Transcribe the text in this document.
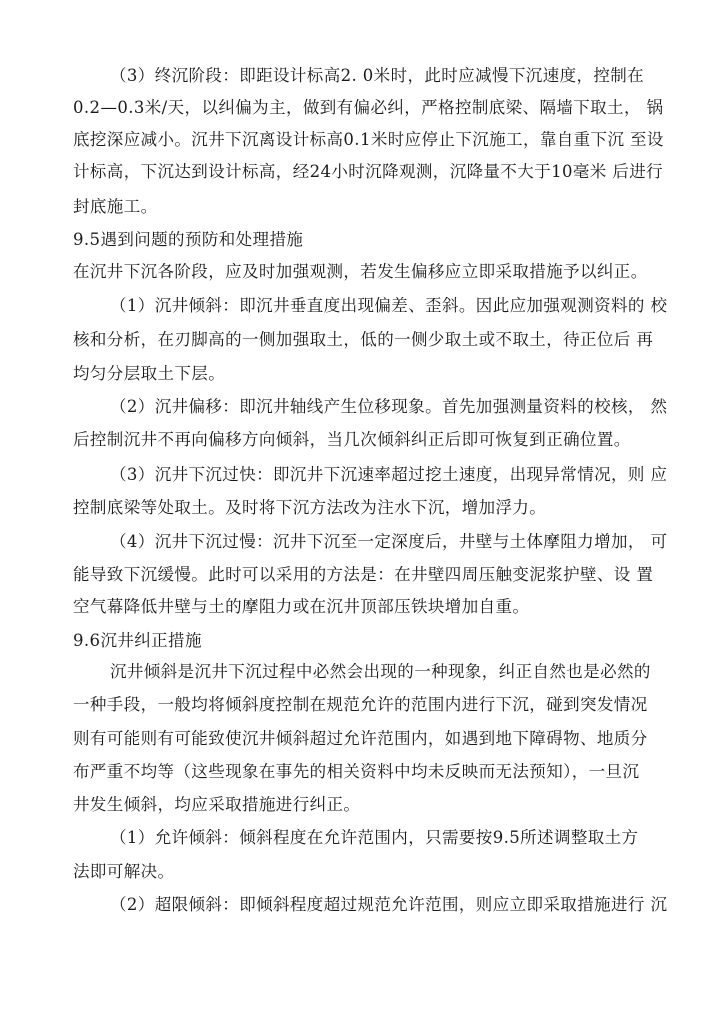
（3）终沉阶段：即距设计标高2. 0米时，此时应减慢下沉速度，控制在
0.2—0.3米/天，以纠偏为主，做到有偏必纠，严格控制底梁、隔墙下取土， 锅
底挖深应减小。沉井下沉离设计标高0.1米时应停止下沉施工，靠自重下沉 至设
计标高，下沉达到设计标高，经24小时沉降观测，沉降量不大于10毫米 后进行
封底施工。
9.5遇到问题的预防和处理措施
在沉井下沉各阶段，应及时加强观测，若发生偏移应立即采取措施予以纠正。
（1）沉井倾斜：即沉井垂直度出现偏差、歪斜。因此应加强观测资料的 校
核和分析，在刃脚高的一侧加强取土，低的一侧少取土或不取土，待正位后 再
均匀分层取土下层。
（2）沉井偏移：即沉井轴线产生位移现象。首先加强测量资料的校核， 然
后控制沉井不再向偏移方向倾斜，当几次倾斜纠正后即可恢复到正确位置。
（3）沉井下沉过快：即沉井下沉速率超过挖土速度，出现异常情况，则 应
控制底梁等处取土。及时将下沉方法改为注水下沉，增加浮力。
（4）沉井下沉过慢：沉井下沉至一定深度后，井壁与土体摩阻力增加， 可
能导致下沉缓慢。此时可以采用的方法是：在井壁四周压触变泥浆护壁、设 置
空气幕降低井壁与土的摩阻力或在沉井顶部压铁块增加自重。
9.6沉井纠正措施
沉井倾斜是沉井下沉过程中必然会出现的一种现象，纠正自然也是必然的
一种手段，一般均将倾斜度控制在规范允许的范围内进行下沉，碰到突发情况
则有可能则有可能致使沉井倾斜超过允许范围内，如遇到地下障碍物、地质分
布严重不均等（这些现象在事先的相关资料中均未反映而无法预知），一旦沉
井发生倾斜，均应采取措施进行纠正。
（1）允许倾斜：倾斜程度在允许范围内，只需要按9.5所述调整取土方
法即可解决。
（2）超限倾斜：即倾斜程度超过规范允许范围，则应立即采取措施进行 沉
